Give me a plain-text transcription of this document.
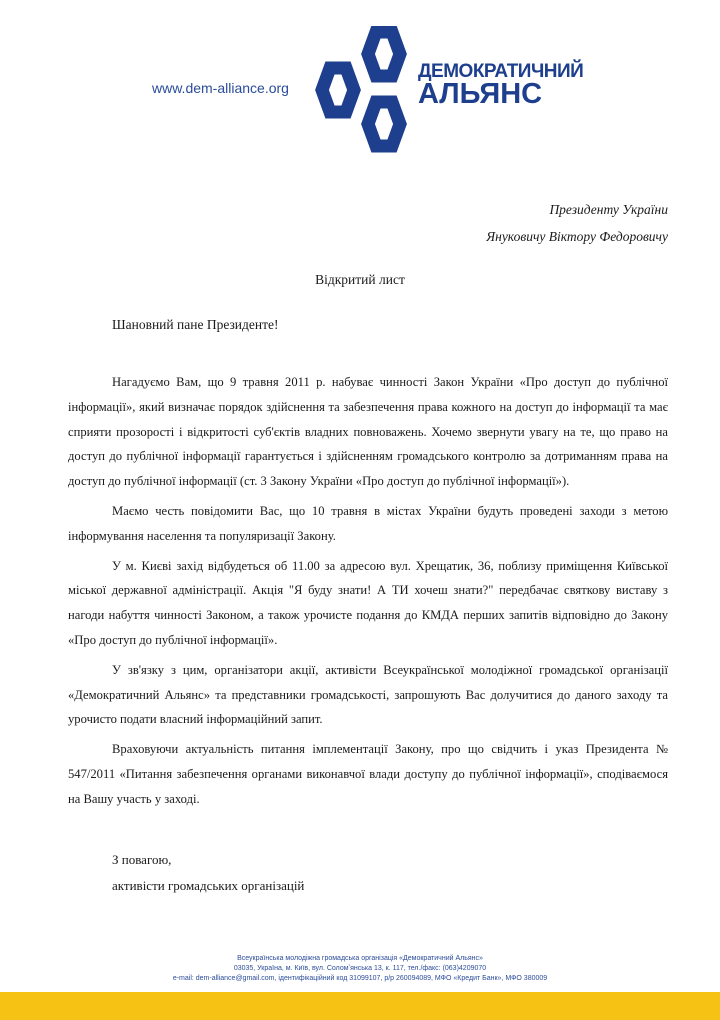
www.dem-alliance.org
ДЕМОКРАТИЧНИЙ
АЛЬЯНС
Президенту України
Януковичу Віктору Федоровичу
Відкритий лист
Шановний пане Президенте!

Нагадуємо Вам, що 9 травня 2011 р. набуває чинності Закон України «Про доступ до публічної інформації», який визначає порядок здійснення та забезпечення права кожного на доступ до інформації та має сприяти прозорості і відкритості суб'єктів владних повноважень. Хочемо звернути увагу на те, що право на доступ до публічної інформації гарантується і здійсненням громадського контролю за дотриманням права на доступ до публічної інформації (ст. 3 Закону України «Про доступ до публічної інформації»).

Маємо честь повідомити Вас, що 10 травня в містах України будуть проведені заходи з метою інформування населення та популяризації Закону.

У м. Києві захід відбудеться об 11.00 за адресою вул. Хрещатик, 36, поблизу приміщення Київської міської державної адміністрації. Акція "Я буду знати! А ТИ хочеш знати?" передбачає святкову виставу з нагоди набуття чинності Законом, а також урочисте подання до КМДА перших запитів відповідно до Закону «Про доступ до публічної інформації».

У зв'язку з цим, організатори акції, активісти Всеукраїнської молодіжної громадської організації «Демократичний Альянс» та представники громадськості, запрошують Вас долучитися до даного заходу та урочисто подати власний інформаційний запит.

Враховуючи актуальність питання імплементації Закону, про що свідчить і указ Президента № 547/2011 «Питання забезпечення органами виконавчої влади доступу до публічної інформації», сподіваємося на Вашу участь у заході.

З повагою,
активісти громадських організацій
Всеукраїнська молодіжна громадська організація «Демократичний Альянс»
03035, Україна, м. Київ, вул. Соломʼянська 13, к. 117, тел./факс: (063)4209070
e-mail: dem-alliance@gmail.com, ідентифікаційний код 31099107, р/р 260094089, МФО «Кредит Банк», МФО 380009
